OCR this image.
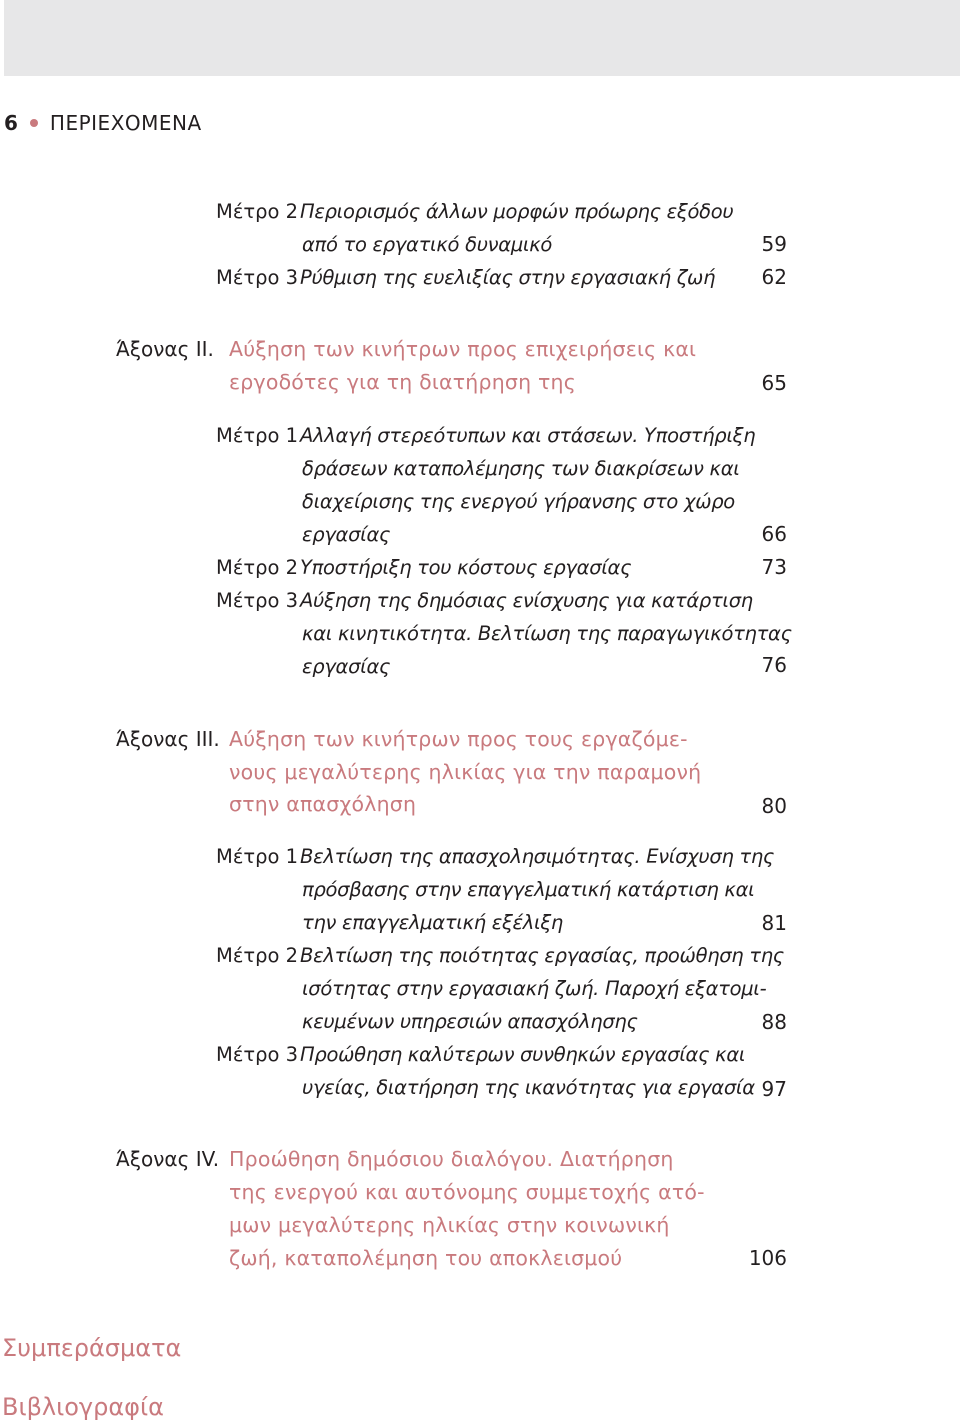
6 ΠΕΡΙΕΧΟΜΕΝΑ
Μέτρο 2 Περιορισμός άλλων μορφών πρόωρης εξόδου
από το εργατικό δυναμικό	59
Μέτρο 3 Ρύθμιση της ευελιξίας στην εργασιακή ζωή	62
Άξονας ΙΙ. Αύξηση των κινήτρων προς επιχειρήσεις και
εργοδότες για τη διατήρηση της	65
Μέτρο 1 Αλλαγή στερεότυπων και στάσεων. Υποστήριξη
δράσεων καταπολέμησης των διακρίσεων και
διαχείρισης της ενεργού γήρανσης στο χώρο
εργασίας	66
Μέτρο 2 Υποστήριξη του κόστους εργασίας	73
Μέτρο 3 Αύξηση της δημόσιας ενίσχυσης για κατάρτιση
και κινητικότητα. Βελτίωση της παραγωγικότητας
εργασίας	76
Άξονας ΙΙΙ. Αύξηση των κινήτρων προς τους εργαζόμε-
νους μεγαλύτερης ηλικίας για την παραμονή
στην απασχόληση	80
Μέτρο 1 Βελτίωση της απασχολησιμότητας. Ενίσχυση της
πρόσβασης στην επαγγελματική κατάρτιση και
την επαγγελματική εξέλιξη	81
Μέτρο 2 Βελτίωση της ποιότητας εργασίας, προώθηση της
ισότητας στην εργασιακή ζωή. Παροχή εξατομι-
κευμένων υπηρεσιών απασχόλησης	88
Μέτρο 3 Προώθηση καλύτερων συνθηκών εργασίας και
υγείας, διατήρηση της ικανότητας για εργασία 97
Άξονας ΙV. Προώθηση δημόσιου διαλόγου. Διατήρηση
της ενεργού και αυτόνομης συμμετοχής ατό-
μων μεγαλύτερης ηλικίας στην κοινωνική
ζωή, καταπολέμηση του αποκλεισμού	106
Συμπεράσματα
Βιβλιογραφία
